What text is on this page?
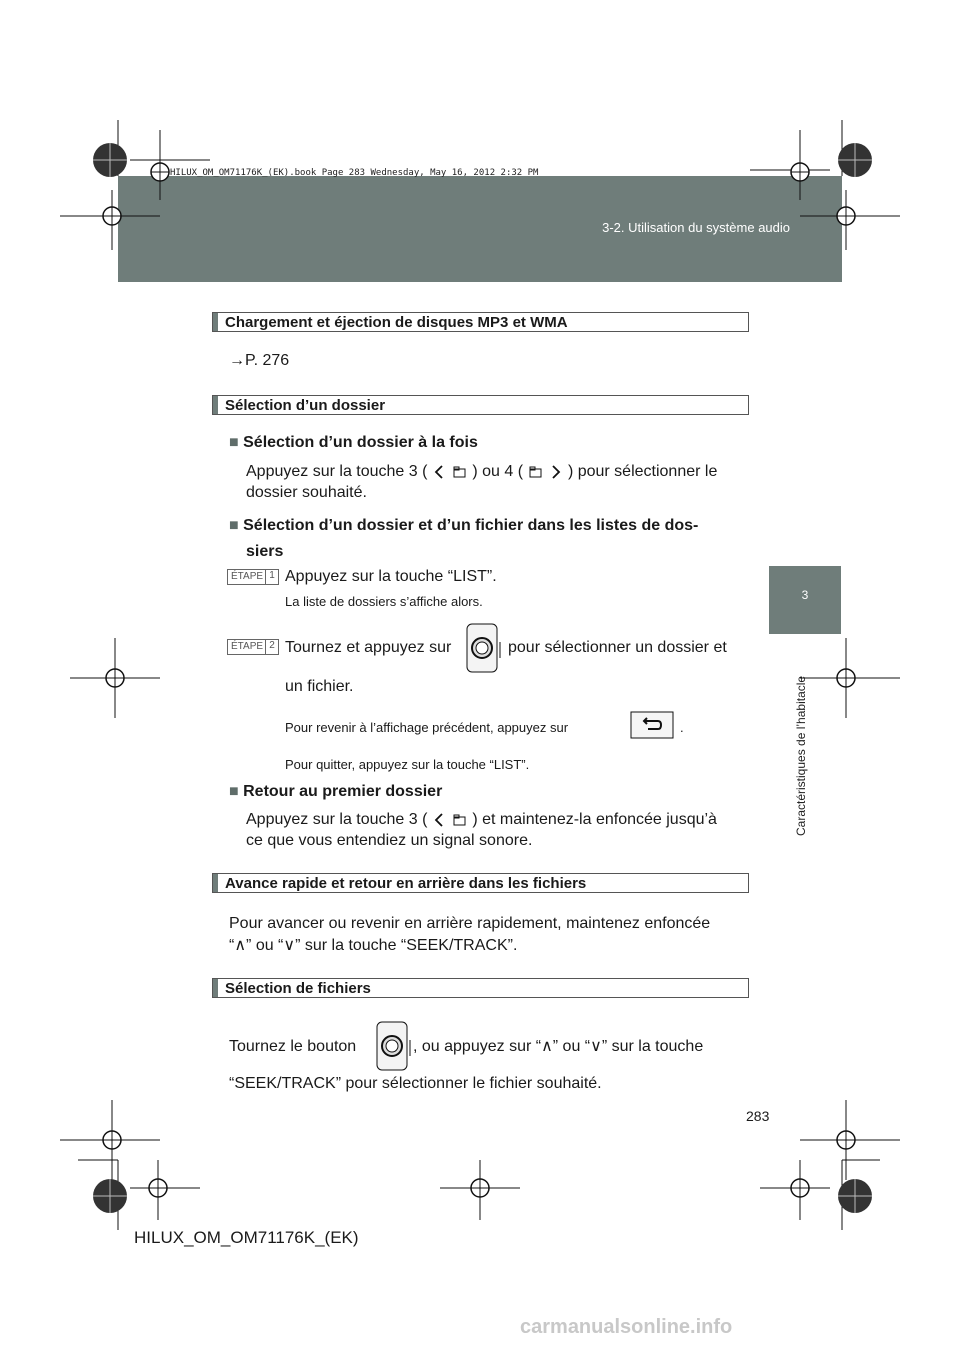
HILUX_OM_OM71176K_(EK).book Page 283 Wednesday, May 16, 2012 2:32 PM
3-2. Utilisation du système audio
3
Caractéristiques de l’habitacle
Chargement et éjection de disques MP3 et WMA
→P. 276
Sélection d’un dossier
■ Sélection d’un dossier à la fois
Appuyez sur la touche 3 (	) ou 4 (	) pour sélectionner le
dossier souhaité.
■ Sélection d’un dossier et d’un fichier dans les listes de dos-
siers
ÉTAPE 1 Appuyez sur la touche “LIST”.
La liste de dossiers s’affiche alors.
ÉTAPE 2 Tournez et appuyez sur	pour sélectionner un dossier et
un fichier.
Pour revenir à l’affichage précédent, appuyez sur	.
Pour quitter, appuyez sur la touche “LIST”.
■ Retour au premier dossier
Appuyez sur la touche 3 (	) et maintenez-la enfoncée jusqu’à
ce que vous entendiez un signal sonore.
Avance rapide et retour en arrière dans les fichiers
Pour avancer ou revenir en arrière rapidement, maintenez enfoncée
“∧” ou “∨” sur la touche “SEEK/TRACK”.
Sélection de fichiers
Tournez le bouton	, ou appuyez sur “∧” ou “∨” sur la touche
“SEEK/TRACK” pour sélectionner le fichier souhaité.
283
HILUX_OM_OM71176K_(EK)
carmanualsonline.info
